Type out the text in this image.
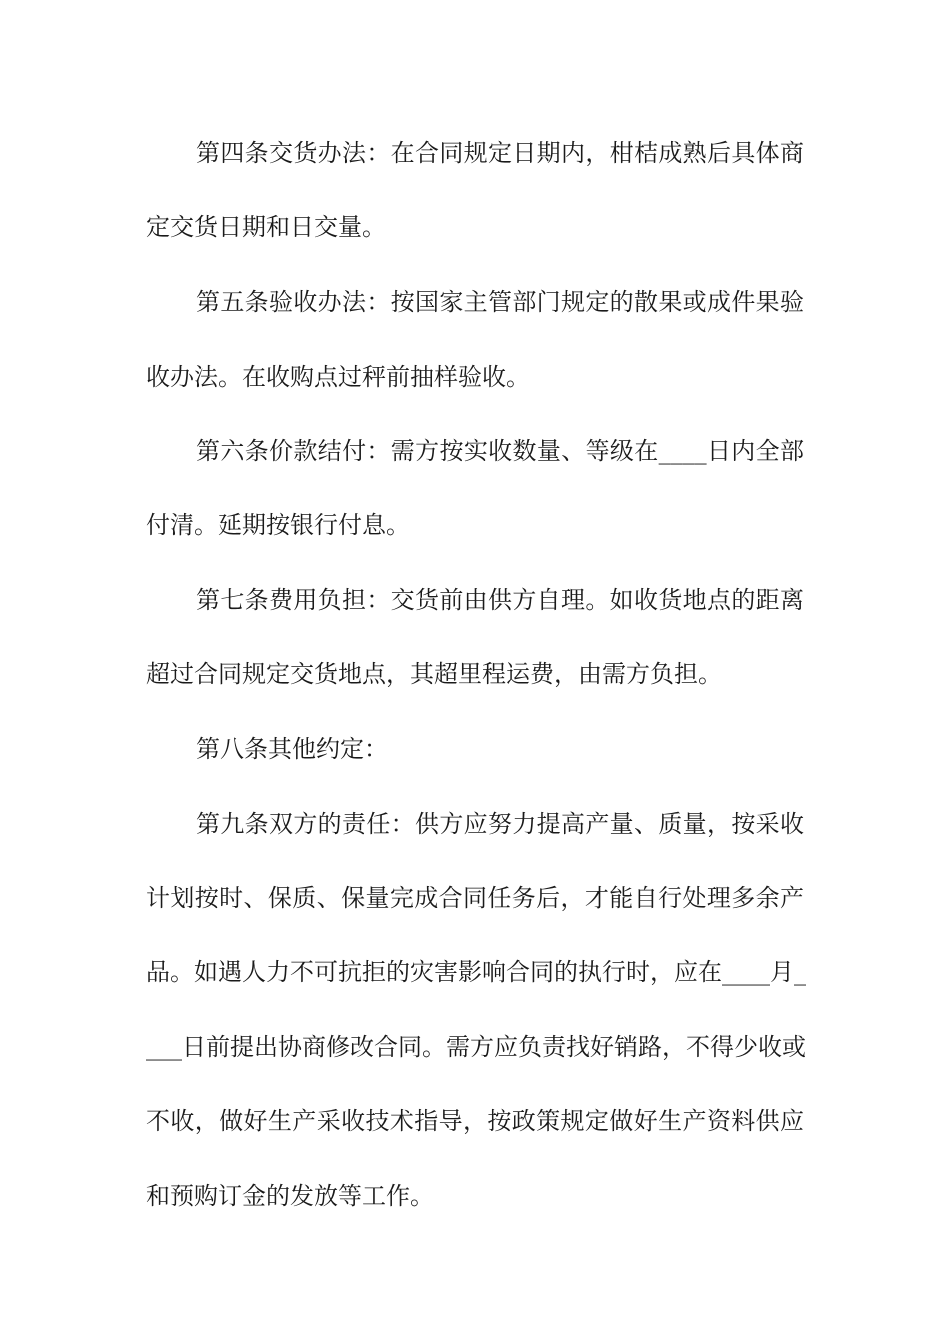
第四条交货办法：在合同规定日期内，柑桔成熟后具体商
定交货日期和日交量。
第五条验收办法：按国家主管部门规定的散果或成件果验
收办法。在收购点过秤前抽样验收。
第六条价款结付：需方按实收数量、等级在____日内全部
付清。延期按银行付息。
第七条费用负担：交货前由供方自理。如收货地点的距离
超过合同规定交货地点，其超里程运费，由需方负担。
第八条其他约定：
第九条双方的责任：供方应努力提高产量、质量，按采收
计划按时、保质、保量完成合同任务后，才能自行处理多余产
品。如遇人力不可抗拒的灾害影响合同的执行时，应在____月_
___日前提出协商修改合同。需方应负责找好销路，不得少收或
不收，做好生产采收技术指导，按政策规定做好生产资料供应
和预购订金的发放等工作。
